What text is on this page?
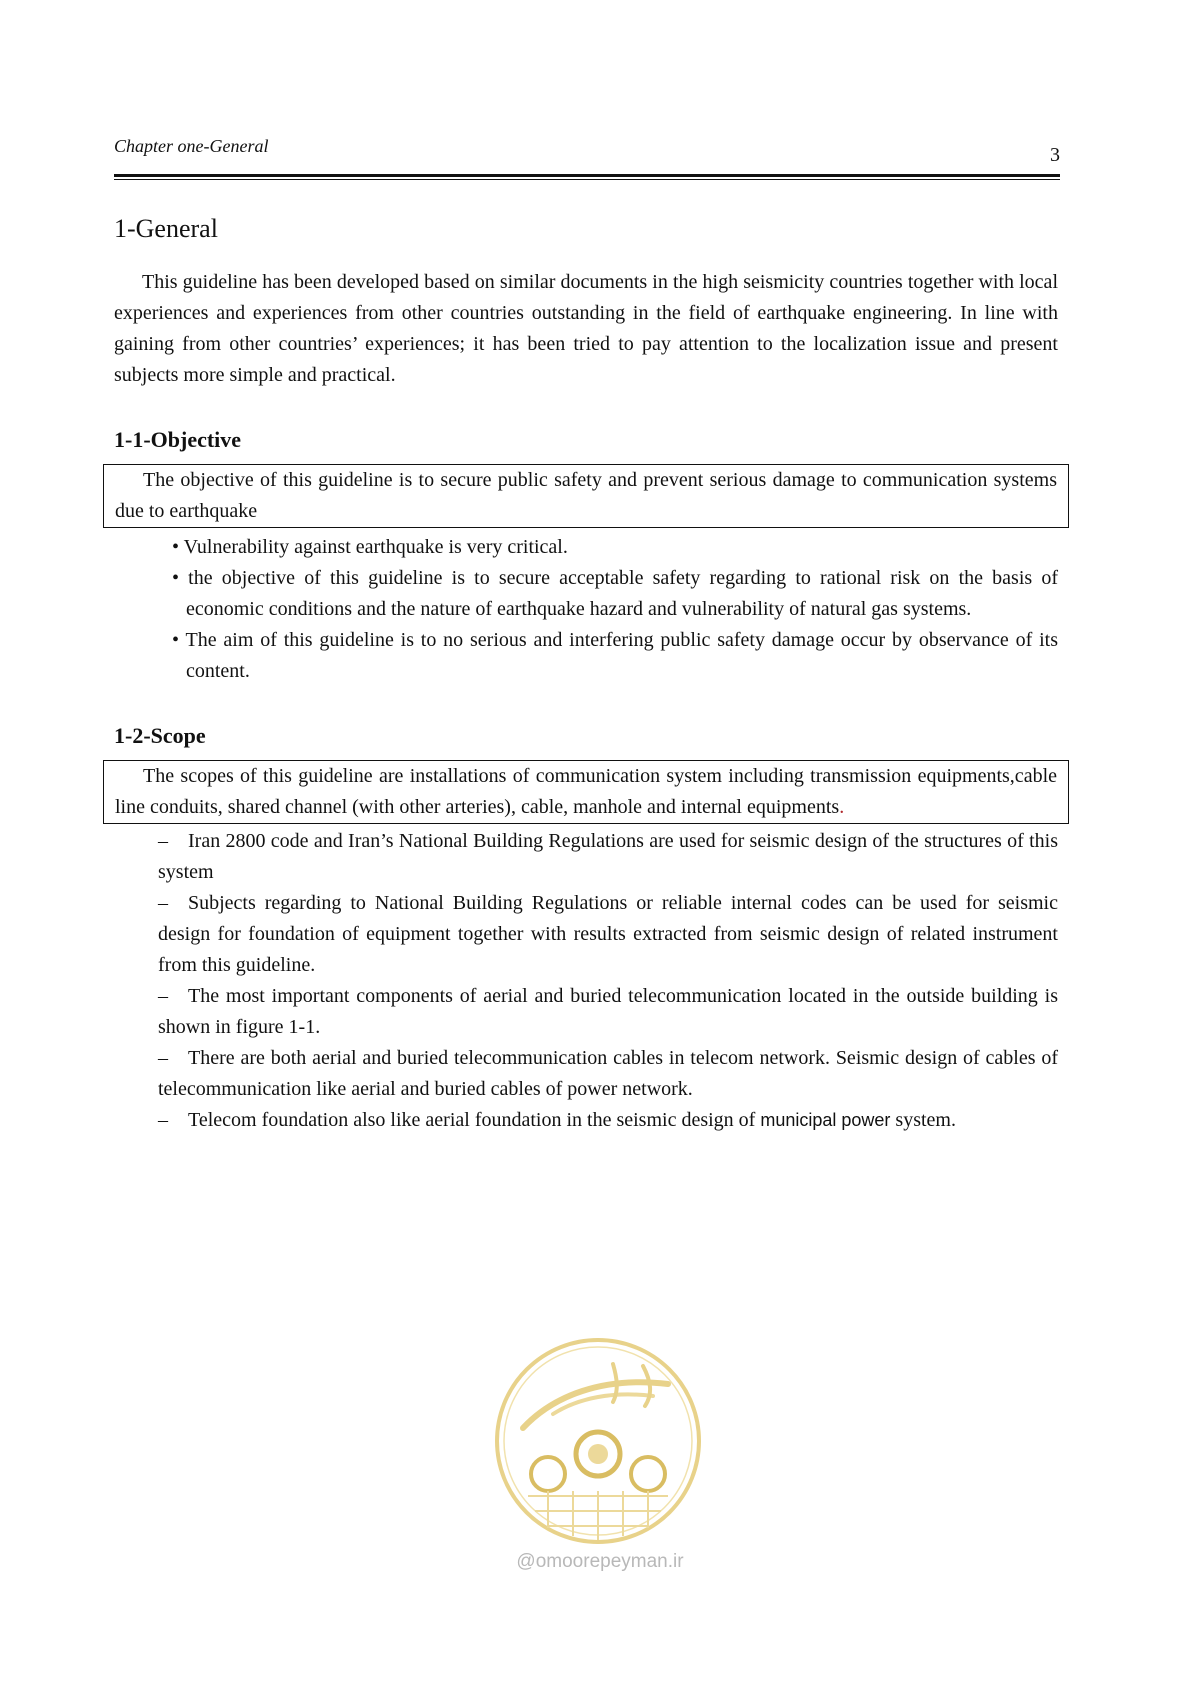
Chapter one-General	3
1-General

This guideline has been developed based on similar documents in the high seismicity countries together with local experiences and experiences from other countries outstanding in the field of earthquake engineering. In line with gaining from other countries’ experiences; it has been tried to pay attention to the localization issue and present subjects more simple and practical.

1-1-Objective

The objective of this guideline is to secure public safety and prevent serious damage to communication systems due to earthquake

• Vulnerability against earthquake is very critical.
• the objective of this guideline is to secure acceptable safety regarding to rational risk on the basis of economic conditions and the nature of earthquake hazard and vulnerability of natural gas systems.
• The aim of this guideline is to no serious and interfering public safety damage occur by observance of its content.
1-2-Scope

The scopes of this guideline are installations of communication system including transmission equipments,cable line conduits, shared channel (with other arteries), cable, manhole and internal equipments.

– Iran 2800 code and Iran’s National Building Regulations are used for seismic design of the structures of this system
– Subjects regarding to National Building Regulations or reliable internal codes can be used for seismic design for foundation of equipment together with results extracted from seismic design of related instrument from this guideline.
– The most important components of aerial and buried telecommunication located in the outside building is shown in figure 1-1.
– There are both aerial and buried telecommunication cables in telecom network. Seismic design of cables of telecommunication like aerial and buried cables of power network.
– Telecom foundation also like aerial foundation in the seismic design of municipal power system.
@omoorepeyman.ir
